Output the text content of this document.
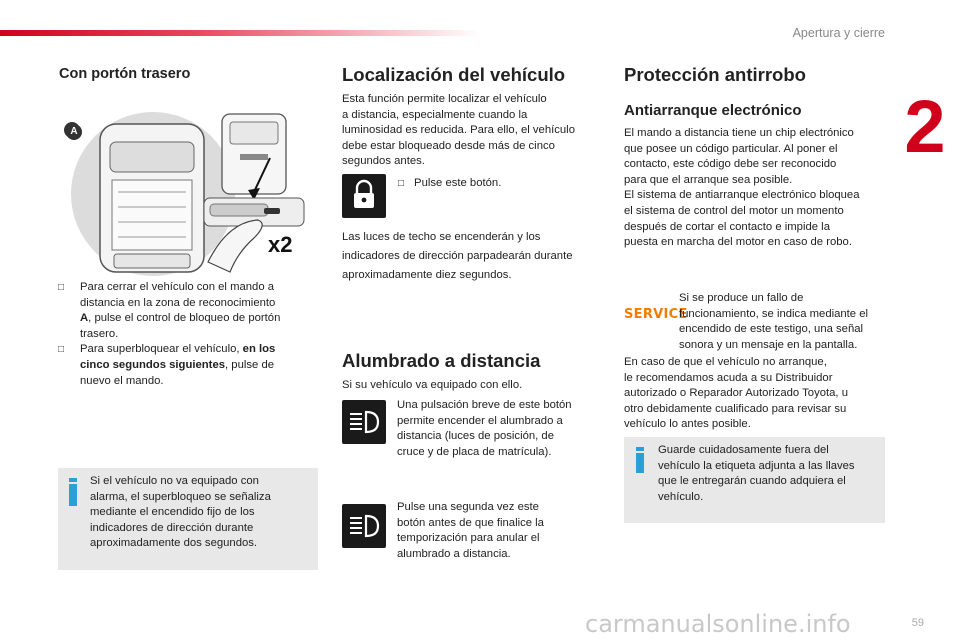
Apertura y cierre
2
Con portón trasero
A
x2
□ Para cerrar el vehículo con el mando a
distancia en la zona de reconocimiento
A, pulse el control de bloqueo de portón
trasero.
□ Para superbloquear el vehículo, en los
cinco segundos siguientes, pulse de
nuevo el mando.
Si el vehículo no va equipado con
alarma, el superbloqueo se señaliza
mediante el encendido fijo de los
indicadores de dirección durante
aproximadamente dos segundos.
Localización del vehículo
Esta función permite localizar el vehículo
a distancia, especialmente cuando la
luminosidad es reducida. Para ello, el vehículo
debe estar bloqueado desde más de cinco
segundos antes.
□ Pulse este botón.
Las luces de techo se encenderán y los
indicadores de dirección parpadearán durante
aproximadamente diez segundos.
Alumbrado a distancia
Si su vehículo va equipado con ello.
Una pulsación breve de este botón
permite encender el alumbrado a
distancia (luces de posición, de
cruce y de placa de matrícula).
Pulse una segunda vez este
botón antes de que finalice la
temporización para anular el
alumbrado a distancia.
Protección antirrobo
Antiarranque electrónico
El mando a distancia tiene un chip electrónico
que posee un código particular. Al poner el
contacto, este código debe ser reconocido
para que el arranque sea posible.
El sistema de antiarranque electrónico bloquea
el sistema de control del motor un momento
después de cortar el contacto e impide la
puesta en marcha del motor en caso de robo.
SERVICE
Si se produce un fallo de
funcionamiento, se indica mediante el
encendido de este testigo, una señal
sonora y un mensaje en la pantalla.
En caso de que el vehículo no arranque,
le recomendamos acuda a su Distribuidor
autorizado o Reparador Autorizado Toyota, u
otro debidamente cualificado para revisar su
vehículo lo antes posible.
Guarde cuidadosamente fuera del
vehículo la etiqueta adjunta a las llaves
que le entregarán cuando adquiera el
vehículo.
carmanualsonline.info	59
